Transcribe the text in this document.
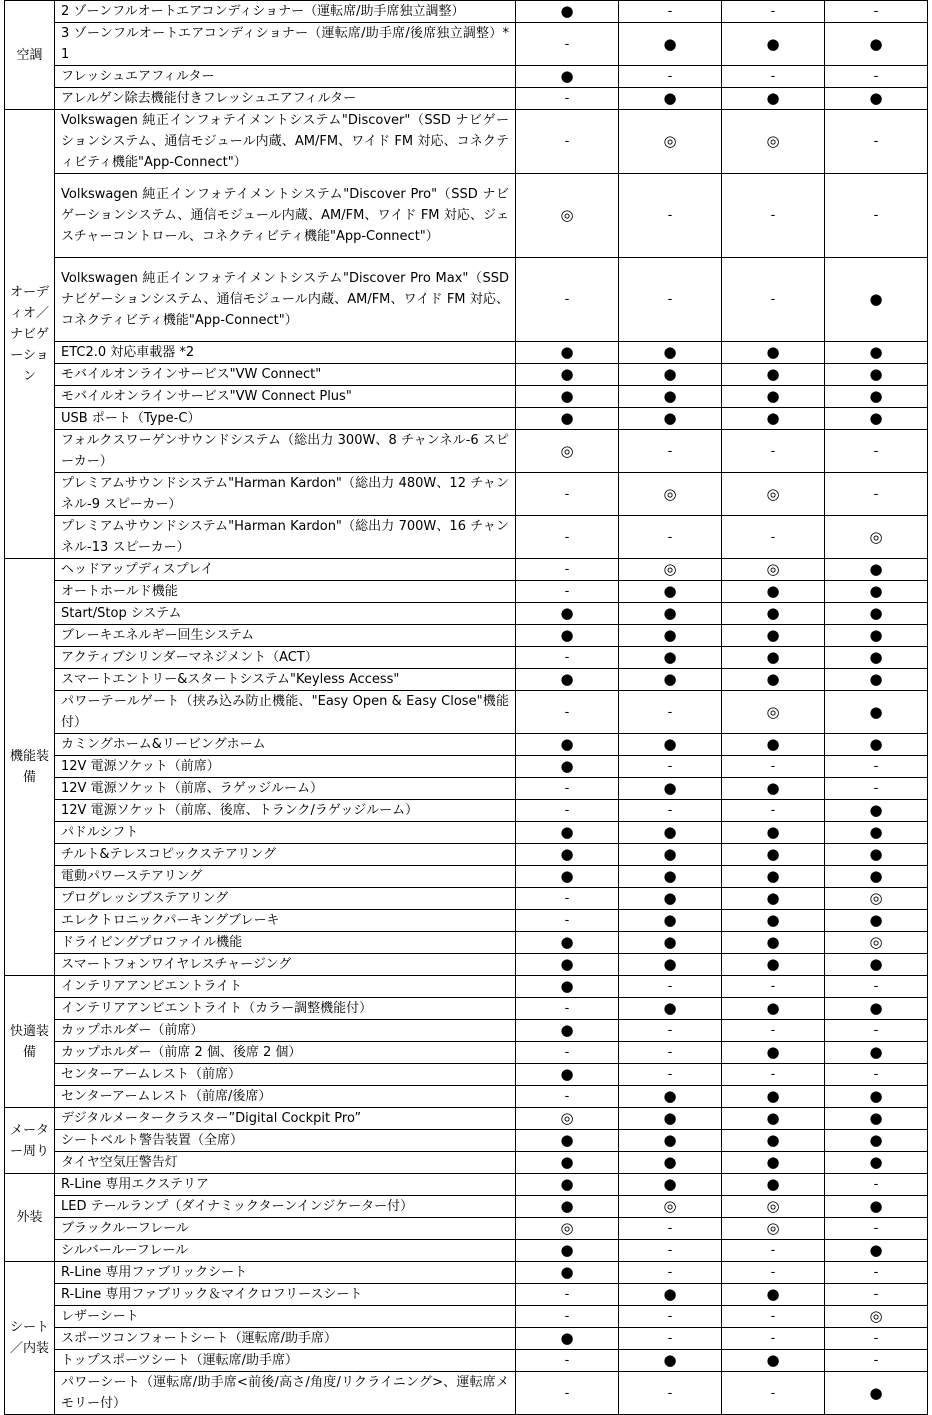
空調	2 ゾーンフルオートエアコンディショナー（運転席/助手席独立調整）	●	-	-	-
	3 ゾーンフルオートエアコンディショナー（運転席/助手席/後席独立調整）*1	-	●	●	●
	フレッシュエアフィルター	●	-	-	-
	アレルゲン除去機能付きフレッシュエアフィルター	-	●	●	●
オーディオ／ナビゲーション	Volkswagen 純正インフォテイメントシステム"Discover"（SSD ナビゲーションシステム、通信モジュール内蔵、AM/FM、ワイド FM 対応、コネクティビティ機能"App-Connect"）	-	◎	◎	-
	Volkswagen 純正インフォテイメントシステム"Discover Pro"（SSD ナビゲーションシステム、通信モジュール内蔵、AM/FM、ワイド FM 対応、ジェスチャーコントロール、コネクティビティ機能"App-Connect"）	◎	-	-	-
	Volkswagen 純正インフォテイメントシステム"Discover Pro Max"（SSD ナビゲーションシステム、通信モジュール内蔵、AM/FM、ワイド FM 対応、コネクティビティ機能"App-Connect"）	-	-	-	●
	ETC2.0 対応車載器 *2	●	●	●	●
	モバイルオンラインサービス"VW Connect"	●	●	●	●
	モバイルオンラインサービス"VW Connect Plus"	●	●	●	●
	USB ポート（Type-C）	●	●	●	●
	フォルクスワーゲンサウンドシステム（総出力 300W、8 チャンネル-6 スピーカー）	◎	-	-	-
	プレミアムサウンドシステム"Harman Kardon"（総出力 480W、12 チャンネル-9 スピーカー）	-	◎	◎	-
	プレミアムサウンドシステム"Harman Kardon"（総出力 700W、16 チャンネル-13 スピーカー）	-	-	-	◎
機能装備	ヘッドアップディスプレイ	-	◎	◎	●
	オートホールド機能	-	●	●	●
	Start/Stop システム	●	●	●	●
	ブレーキエネルギー回生システム	●	●	●	●
	アクティブシリンダーマネジメント（ACT）	-	●	●	●
	スマートエントリー&スタートシステム"Keyless Access"	●	●	●	●
	パワーテールゲート（挟み込み防止機能、"Easy Open & Easy Close"機能付）	-	-	◎	●
	カミングホーム&リービングホーム	●	●	●	●
	12V 電源ソケット（前席）	●	-	-	-
	12V 電源ソケット（前席、ラゲッジルーム）	-	●	●	-
	12V 電源ソケット（前席、後席、トランク/ラゲッジルーム）	-	-	-	●
	パドルシフト	●	●	●	●
	チルト&テレスコピックステアリング	●	●	●	●
	電動パワーステアリング	●	●	●	●
	プログレッシブステアリング	-	●	●	◎
	エレクトロニックパーキングブレーキ	-	●	●	●
	ドライビングプロファイル機能	●	●	●	◎
	スマートフォンワイヤレスチャージング	●	●	●	●
快適装備	インテリアアンビエントライト	●	-	-	-
	インテリアアンビエントライト（カラー調整機能付）	-	●	●	●
	カップホルダー（前席）	●	-	-	-
	カップホルダー（前席 2 個、後席 2 個）	-	-	●	●
	センターアームレスト（前席）	●	-	-	-
	センターアームレスト（前席/後席）	-	●	●	●
メーター周り	デジタルメータークラスター”Digital Cockpit Pro”	◎	●	●	●
	シートベルト警告装置（全席）	●	●	●	●
	タイヤ空気圧警告灯	●	●	●	●
外装	R-Line 専用エクステリア	●	●	●	-
	LED テールランプ（ダイナミックターンインジケーター付）	●	◎	◎	●
	ブラックルーフレール	◎	-	◎	-
	シルバールーフレール	●	-	-	●
シート／内装	R-Line 専用ファブリックシート	●	-	-	-
	R-Line 専用ファブリック＆マイクロフリースシート	-	●	●	-
	レザーシート	-	-	-	◎
	スポーツコンフォートシート（運転席/助手席）	●	-	-	-
	トップスポーツシート（運転席/助手席）	-	●	●	-
	パワーシート（運転席/助手席<前後/高さ/角度/リクライニング>、運転席メモリー付）	-	-	-	●
